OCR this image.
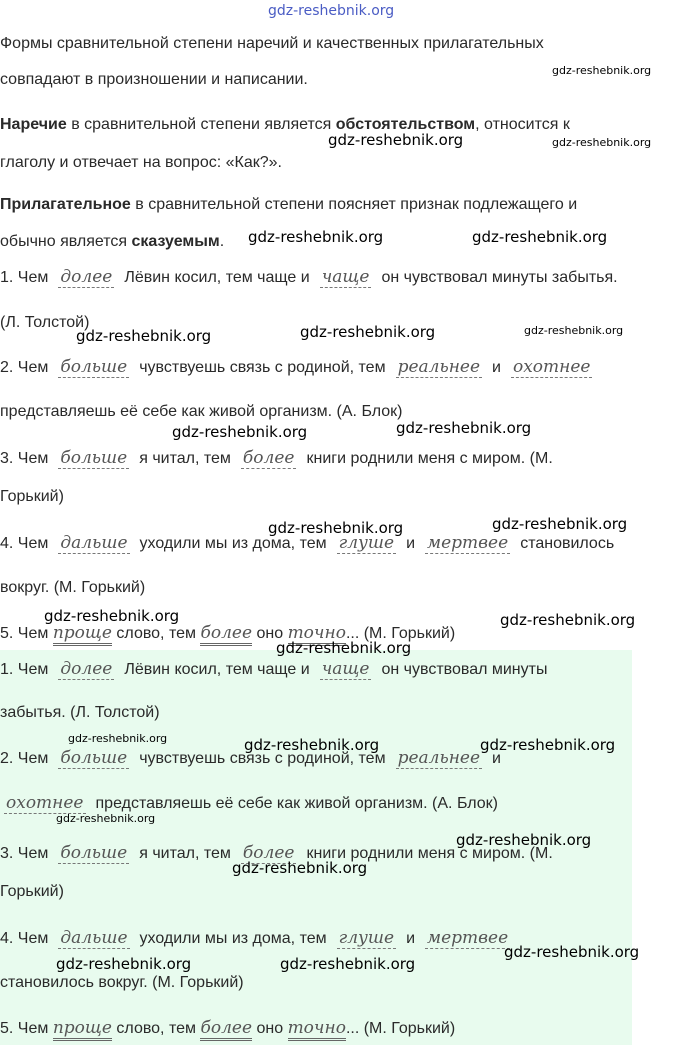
gdz-reshebnik.org
Формы сравнительной степени наречий и качественных прилагательных
совпадают в произношении и написании.
Наречие в сравнительной степени является обстоятельством, относится к
глаголу и отвечает на вопрос: «Как?».
Прилагательное в сравнительной степени поясняет признак подлежащего и
обычно является сказуемым.
1. Чем долее Лёвин косил, тем чаще и чаще он чувствовал минуты забытья.
(Л. Толстой)
2. Чем больше чувствуешь связь с родиной, тем реальнее и охотнее
представляешь её себе как живой организм. (А. Блок)
3. Чем больше я читал, тем более книги роднили меня с миром. (М.
Горький)
4. Чем дальше уходили мы из дома, тем глуше и мертвее становилось
вокруг. (М. Горький)
5. Чем проще слово, тем более оно точно... (М. Горький)
1. Чем долее Лёвин косил, тем чаще и чаще он чувствовал минуты
забытья. (Л. Толстой)
2. Чем больше чувствуешь связь с родиной, тем реальнее и
охотнее представляешь её себе как живой организм. (А. Блок)
3. Чем больше я читал, тем более книги роднили меня с миром. (М.
Горький)
4. Чем дальше уходили мы из дома, тем глуше и мертвее
становилось вокруг. (М. Горький)
5. Чем проще слово, тем более оно точно... (М. Горький)
gdz-reshebnik.org
gdz-reshebnik.org	gdz-reshebnik.org
gdz-reshebnik.org	gdz-reshebnik.org
gdz-reshebnik.org	gdz-reshebnik.org	gdz-reshebnik.org
gdz-reshebnik.org	gdz-reshebnik.org
gdz-reshebnik.org	gdz-reshebnik.org
gdz-reshebnik.org
gdz-reshebnik.org
gdz-reshebnik.org
gdz-reshebnik.org	gdz-reshebnik.org	gdz-reshebnik.org
gdz-reshebnik.org
gdz-reshebnik.org
gdz-reshebnik.org
gdz-reshebnik.org
gdz-reshebnik.org	gdz-reshebnik.org
